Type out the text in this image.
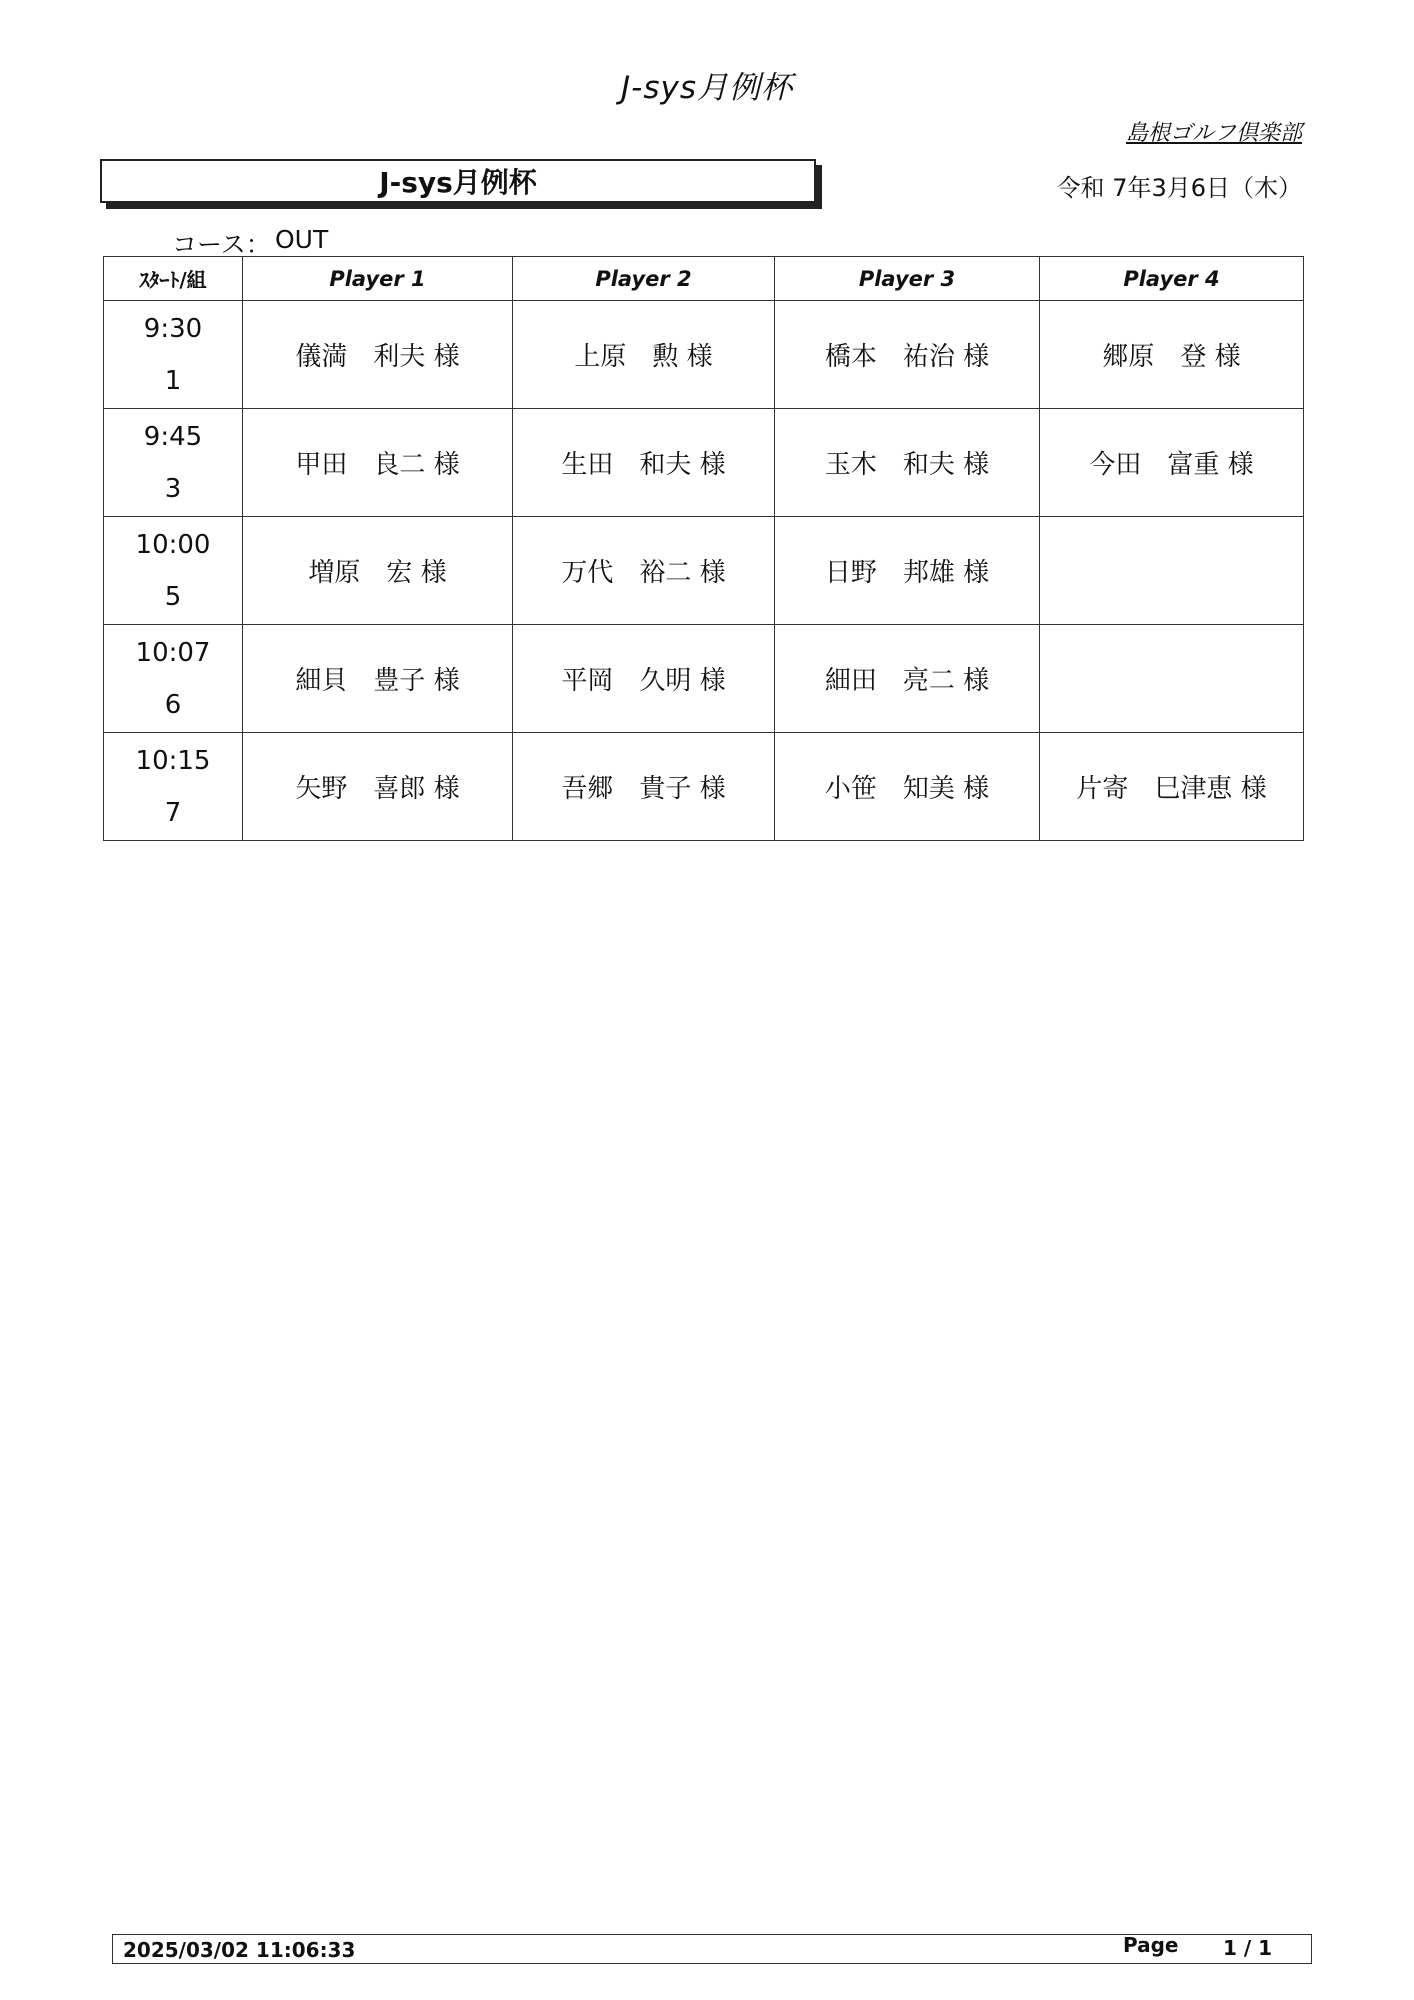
J-sys月例杯
島根ゴルフ倶楽部
J-sys月例杯	令和 7年3月6日（木）
コース： OUT
ｽﾀｰﾄ/組	Player 1	Player 2	Player 3	Player 4

9:30
1	儀満　利夫 様	上原　勲 様	橋本　祐治 様	郷原　登 様

9:45
3	甲田　良二 様	生田　和夫 様	玉木　和夫 様	今田　富重 様

10:00
5	増原　宏 様	万代　裕二 様	日野　邦雄 様	

10:07
6	細貝　豊子 様	平岡　久明 様	細田　亮二 様	

10:15
7	矢野　喜郎 様	吾郷　貴子 様	小笹　知美 様	片寄　巳津恵 様
2025/03/02 11:06:33	Page 1 / 1
